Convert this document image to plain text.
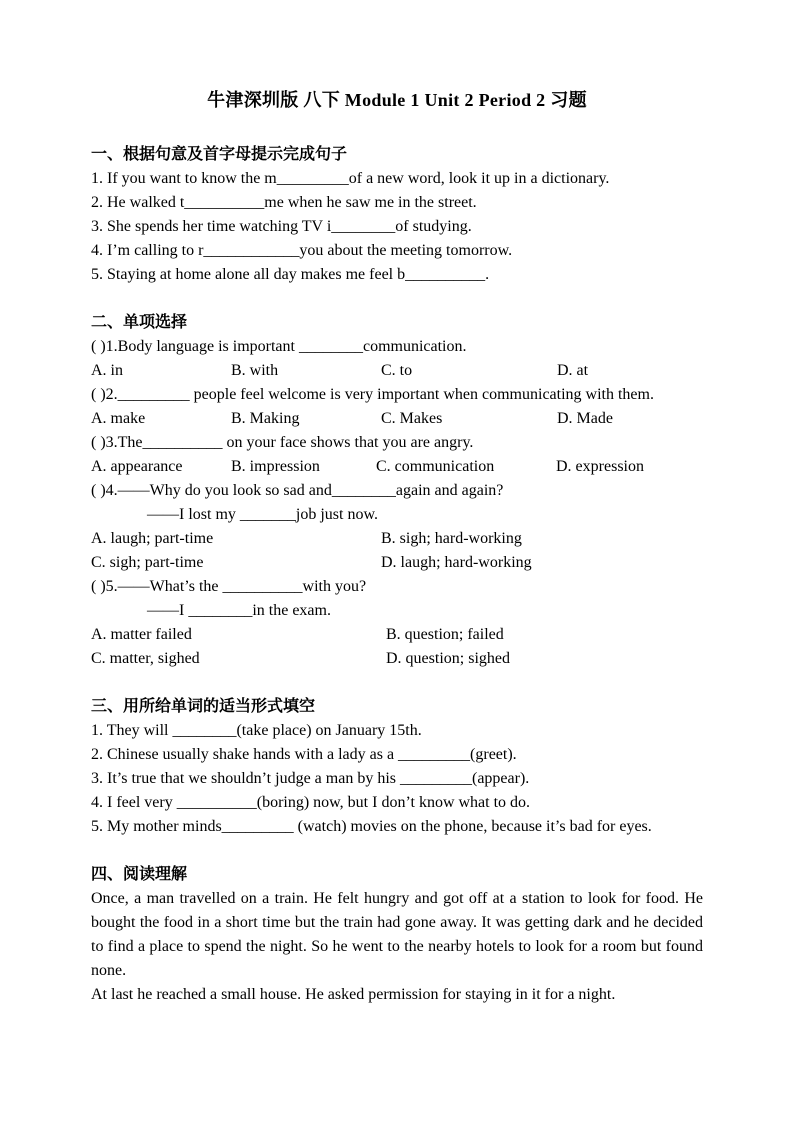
牛津深圳版 八下 Module 1 Unit 2 Period 2 习题
一、根据句意及首字母提示完成句子
1. If you want to know the m_________of a new word, look it up in a dictionary.
2. He walked t__________me when he saw me in the street.
3. She spends her time watching TV i________of studying.
4. I’m calling to r____________you about the meeting tomorrow.
5. Staying at home alone all day makes me feel b__________.
二、单项选择
( )1.Body language is important ________communication.
A. in	B. with	C. to	D. at
( )2._________ people feel welcome is very important when communicating with them.
A. make	B. Making	C. Makes	D. Made
( )3.The__________ on your face shows that you are angry.
A. appearance	B. impression	C. communication	D. expression
( )4.——Why do you look so sad and________again and again?
——I lost my _______job just now.
A. laugh; part-time	B. sigh; hard-working
C. sigh; part-time	D. laugh; hard-working
( )5.——What’s the __________with you?
——I ________in the exam.
A. matter failed	B. question; failed
C. matter, sighed	D. question; sighed
三、用所给单词的适当形式填空
1. They will ________(take place) on January 15th.
2. Chinese usually shake hands with a lady as a _________(greet).
3. It’s true that we shouldn’t judge a man by his _________(appear).
4. I feel very __________(boring) now, but I don’t know what to do.
5. My mother minds_________ (watch) movies on the phone, because it’s bad for eyes.
四、阅读理解
Once, a man travelled on a train. He felt hungry and got off at a station to look for food. He bought the food in a short time but the train had gone away. It was getting dark and he decided to find a place to spend the night. So he went to the nearby hotels to look for a room but found none.
At last he reached a small house. He asked permission for staying in it for a night.
